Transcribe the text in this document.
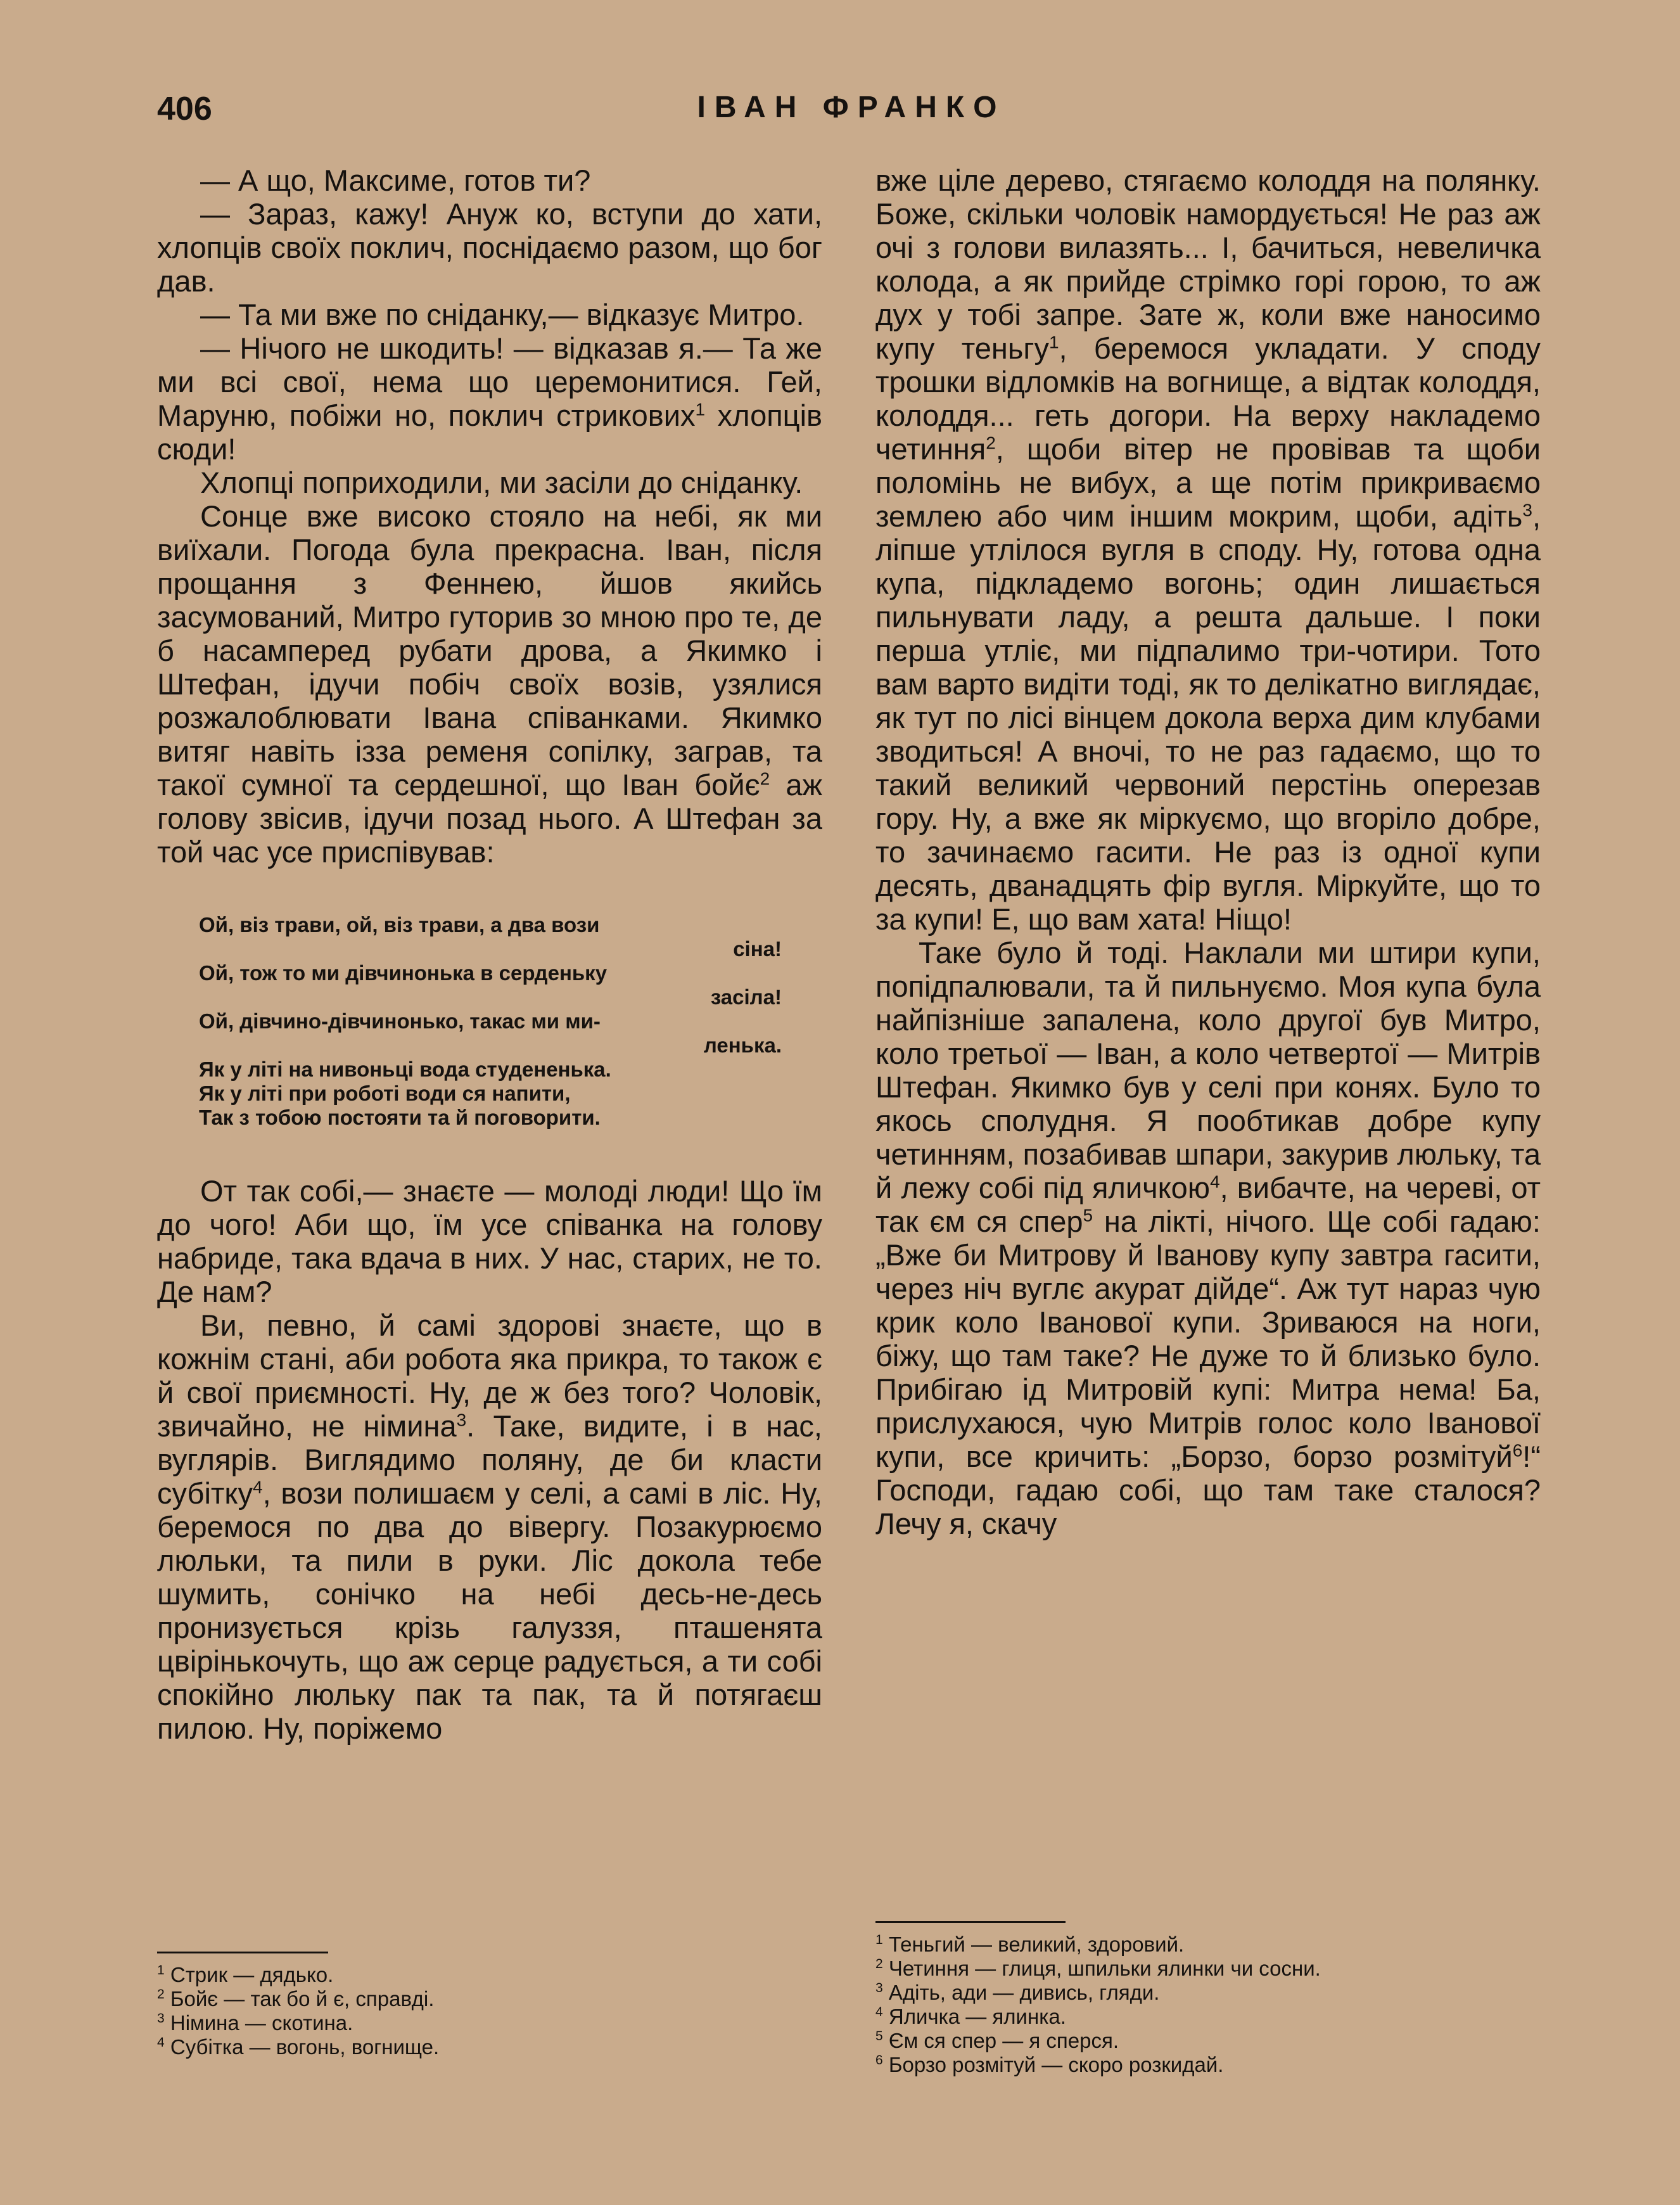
406	ІВАН ФРАНКО

— А що, Максиме, готов ти?

— Зараз, кажу! Ануж ко, вступи до хати, хлопців своїх поклич, поснідаємо разом, що бог дав.

— Та ми вже по сніданку,— відказує Митро.

— Нічого не шкодить! — відказав я.— Та же ми всі свої, нема що церемонитися. Гей, Маруню, побіжи но, поклич стрикових$^1$ хлопців сюди!

Хлопці поприходили, ми засіли до сніданку.

Сонце вже високо стояло на небі, як ми виїхали. Погода була прекрасна. Іван, після прощання з Феннею, йшов якийсь засумований, Митро гуторив зо мною про те, де б насамперед рубати дрова, а Якимко і Штефан, ідучи побіч своїх возів, узялися розжалоблювати Івана співанками. Якимко витяг навіть ізза ременя сопілку, заграв, та такої сумної та сердешної, що Іван бойє$^2$ аж голову звісив, ідучи позад нього. А Штефан за той час усе приспівував:

Ой, віз трави, ой, віз трави, а два вози
сіна!
Ой, тож то ми дівчинонька в серденьку
засіла!
Ой, дівчино-дівчинонько, такас ми ми-
ленька.
Як у літі на нивоньці вода студененька.
Як у літі при роботі води ся напити,
Так з тобою постояти та й поговорити.

От так собі,— знаєте — молоді люди! Що їм до чого! Аби що, їм усе співанка на голову набриде, така вдача в них. У нас, старих, не то. Де нам?

Ви, певно, й самі здорові знаєте, що в кожнім стані, аби робота яка прикра, то також є й свої приємності. Ну, де ж без того? Чоловік, звичайно, не німина$^3$. Таке, видите, і в нас, вуглярів. Виглядимо поляну, де би класти субітку$^4$, вози полишаєм у селі, а самі в ліс. Ну, беремося по два до вівергу. Позакурюємо люльки, та пили в руки. Ліс докола тебе шумить, сонічко на небі десь-не-десь пронизується крізь галуззя, пташенята цвірінькочуть, що аж серце радується, а ти собі спокійно люльку пак та пак, та й потягаєш пилою. Ну, поріжемо

вже ціле дерево, стягаємо колоддя на полянку. Боже, скільки чоловік намордується! Не раз аж очі з голови вилазять... І, бачиться, невеличка колода, а як прийде стрімко горі горою, то аж дух у тобі запре. Зате ж, коли вже наносимо купу теньгу$^1$, беремося укладати. У споду трошки відломків на вогнище, а відтак колоддя, колоддя... геть догори. На верху накладемо четиння$^2$, щоби вітер не провівав та щоби поломінь не вибух, а ще потім прикриваємо землею або чим іншим мокрим, щоби, адіть$^3$, ліпше утлілося вугля в споду. Ну, готова одна купа, підкладемо вогонь; один лишається пильнувати ладу, а решта дальше. І поки перша утліє, ми підпалимо три-чотири. Тото вам варто видіти тоді, як то делікатно виглядає, як тут по лісі вінцем докола верха дим клубами зводиться! А вночі, то не раз гадаємо, що то такий великий червоний перстінь оперезав гору. Ну, а вже як міркуємо, що вгоріло добре, то зачинаємо гасити. Не раз із одної купи десять, дванадцять фір вугля. Міркуйте, що то за купи! Е, що вам хата! Ніщо!

Таке було й тоді. Наклали ми штири купи, попідпалювали, та й пильнуємо. Моя купа була найпізніше запалена, коло другої був Митро, коло третьої — Іван, а коло четвертої — Митрів Штефан. Якимко був у селі при конях. Було то якось сполудня. Я пообтикав добре купу четинням, позабивав шпари, закурив люльку, та й лежу собі під яличкою$^4$, вибачте, на череві, от так єм ся спер$^5$ на лікті, нічого. Ще собі гадаю: „Вже би Митрову й Іванову купу завтра гасити, через ніч вуглє акурат дійде“. Аж тут нараз чую крик коло Іванової купи. Зриваюся на ноги, біжу, що там таке? Не дуже то й близько було. Прибігаю ід Митровій купі: Митра нема! Ба, прислухаюся, чую Митрів голос коло Іванової купи, все кричить: „Борзо, борзо розмітуй$^6$!“ Господи, гадаю собі, що там таке сталося? Лечу я, скачу

$^1$ Стрик — дядько.
$^2$ Бойє — так бо й є, справді.
$^3$ Німина — скотина.
$^4$ Субітка — вогонь, вогнище.
$^1$ Теньгий — великий, здоровий.
$^2$ Четиння — глиця, шпильки ялинки чи сосни.
$^3$ Адіть, ади — дивись, гляди.
$^4$ Яличка — ялинка.
$^5$ Єм ся спер — я сперся.
$^6$ Борзо розмітуй — скоро розкидай.
